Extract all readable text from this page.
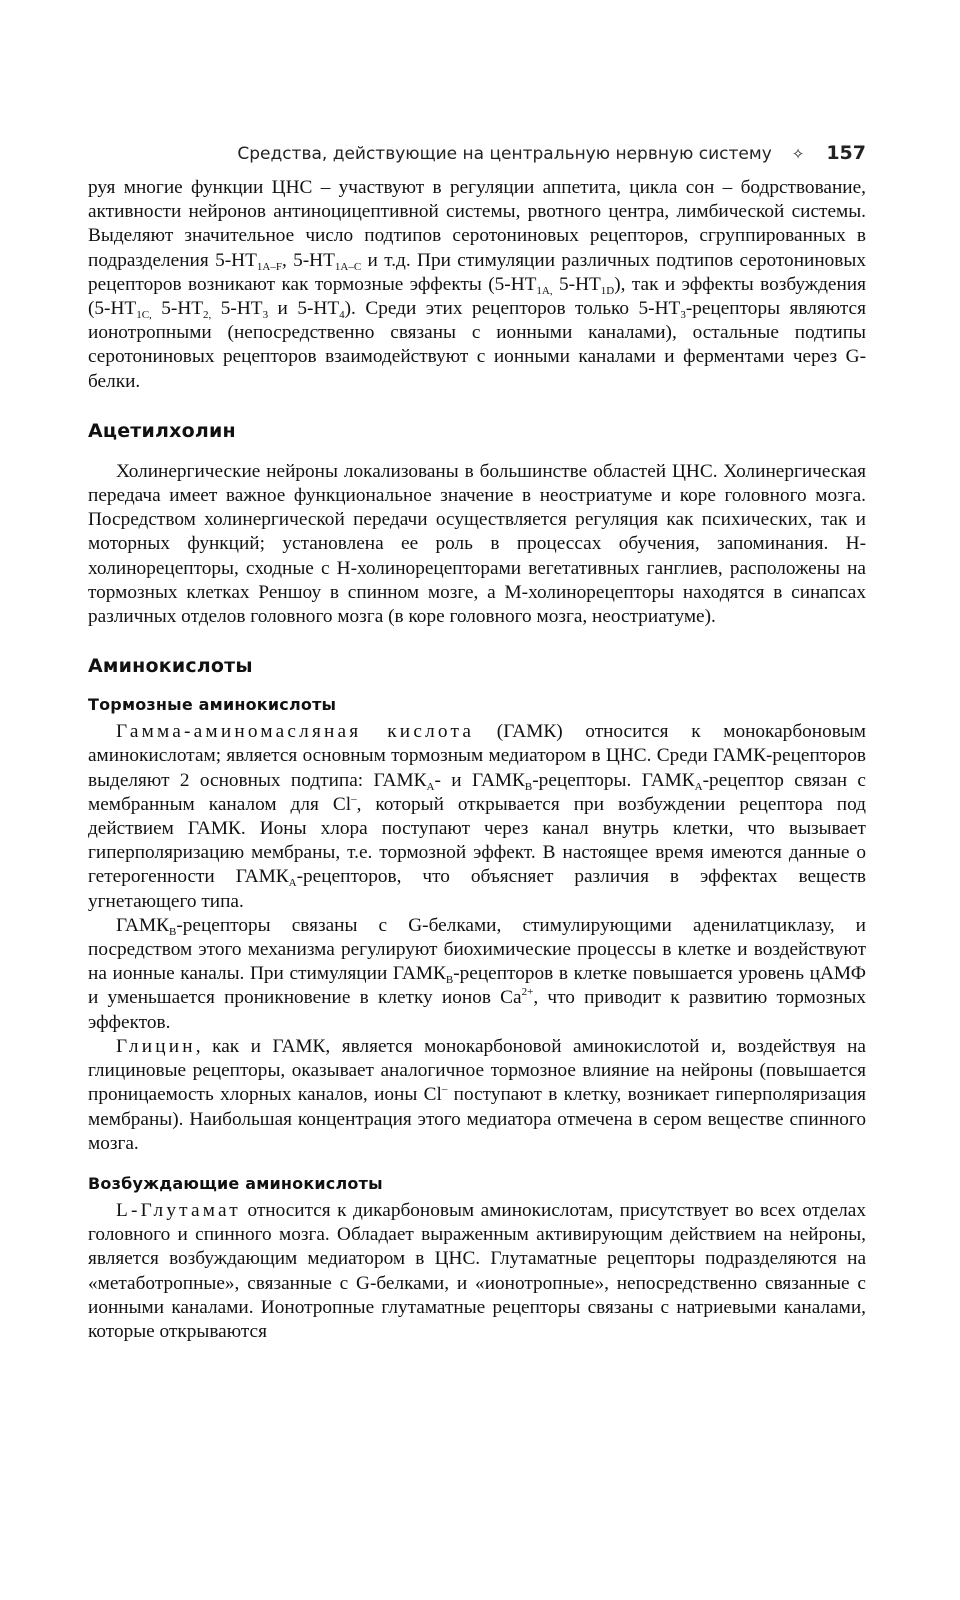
Средства, действующие на центральную нервную систему ✧ 157

руя многие функции ЦНС – участвуют в регуляции аппетита, цикла сон – бодрствование, активности нейронов антиноцицептивной системы, рвотного центра, лимбической системы. Выделяют значительное число подтипов серотониновых рецепторов, сгруппированных в подразделения $5-HT_{1A-F}$, $5-HT_{1A-C}$ и т.д. При стимуляции различных подтипов серотониновых рецепторов возникают как тормозные эффекты ($5-HT_{1A,}$ $5-HT_{1D}$), так и эффекты возбуждения ($5-HT_{1C,}$ $5-HT_{2,}$ $5-HT_3$ и $5-HT_4$). Среди этих рецепторов только $5-HT_3$-рецепторы являются ионотропными (непосредственно связаны с ионными каналами), остальные подтипы серотониновых рецепторов взаимодействуют с ионными каналами и ферментами через G-белки.

Ацетилхолин

Холинергические нейроны локализованы в большинстве областей ЦНС. Холинергическая передача имеет важное функциональное значение в неостриатуме и коре головного мозга. Посредством холинергической передачи осуществляется регуляция как психических, так и моторных функций; установлена ее роль в процессах обучения, запоминания. Н-холинорецепторы, сходные с Н-холинорецепторами вегетативных ганглиев, расположены на тормозных клетках Реншоу в спинном мозге, а М-холинорецепторы находятся в синапсах различных отделов головного мозга (в коре головного мозга, неостриатуме).

Аминокислоты
Тормозные аминокислоты

Гамма-аминомасляная кислота (ГАМК) относится к монокарбоновым аминокислотам; является основным тормозным медиатором в ЦНС. Среди ГАМК-рецепторов выделяют 2 основных подтипа: $ГАМК_A-$ и $ГАМК_B$-рецепторы. $ГАМК_A$-рецептор связан с мембранным каналом для Cl–, который открывается при возбуждении рецептора под действием ГАМК. Ионы хлора поступают через канал внутрь клетки, что вызывает гиперполяризацию мембраны, т.е. тормозной эффект. В настоящее время имеются данные о гетерогенности $ГАМК_A$-рецепторов, что объясняет различия в эффектах веществ угнетающего типа.

$ГАМК_B$-рецепторы связаны с G-белками, стимулирующими аденилатциклазу, и посредством этого механизма регулируют биохимические процессы в клетке и воздействуют на ионные каналы. При стимуляции $ГАМК_B$-рецепторов в клетке повышается уровень цАМФ и уменьшается проникновение в клетку ионов $Ca^{2+}$, что приводит к развитию тормозных эффектов.

Глицин, как и ГАМК, является монокарбоновой аминокислотой и, воздействуя на глициновые рецепторы, оказывает аналогичное тормозное влияние на нейроны (повышается проницаемость хлорных каналов, ионы Cl– поступают в клетку, возникает гиперполяризация мембраны). Наибольшая концентрация этого медиатора отмечена в сером веществе спинного мозга.

Возбуждающие аминокислоты

L-Глутамат относится к дикарбоновым аминокислотам, присутствует во всех отделах головного и спинного мозга. Обладает выраженным активирующим действием на нейроны, является возбуждающим медиатором в ЦНС. Глутаматные рецепторы подразделяются на «метаботропные», связанные с G-белками, и «ионотропные», непосредственно связанные с ионными каналами. Ионотропные глутаматные рецепторы связаны с натриевыми каналами, которые открываются
